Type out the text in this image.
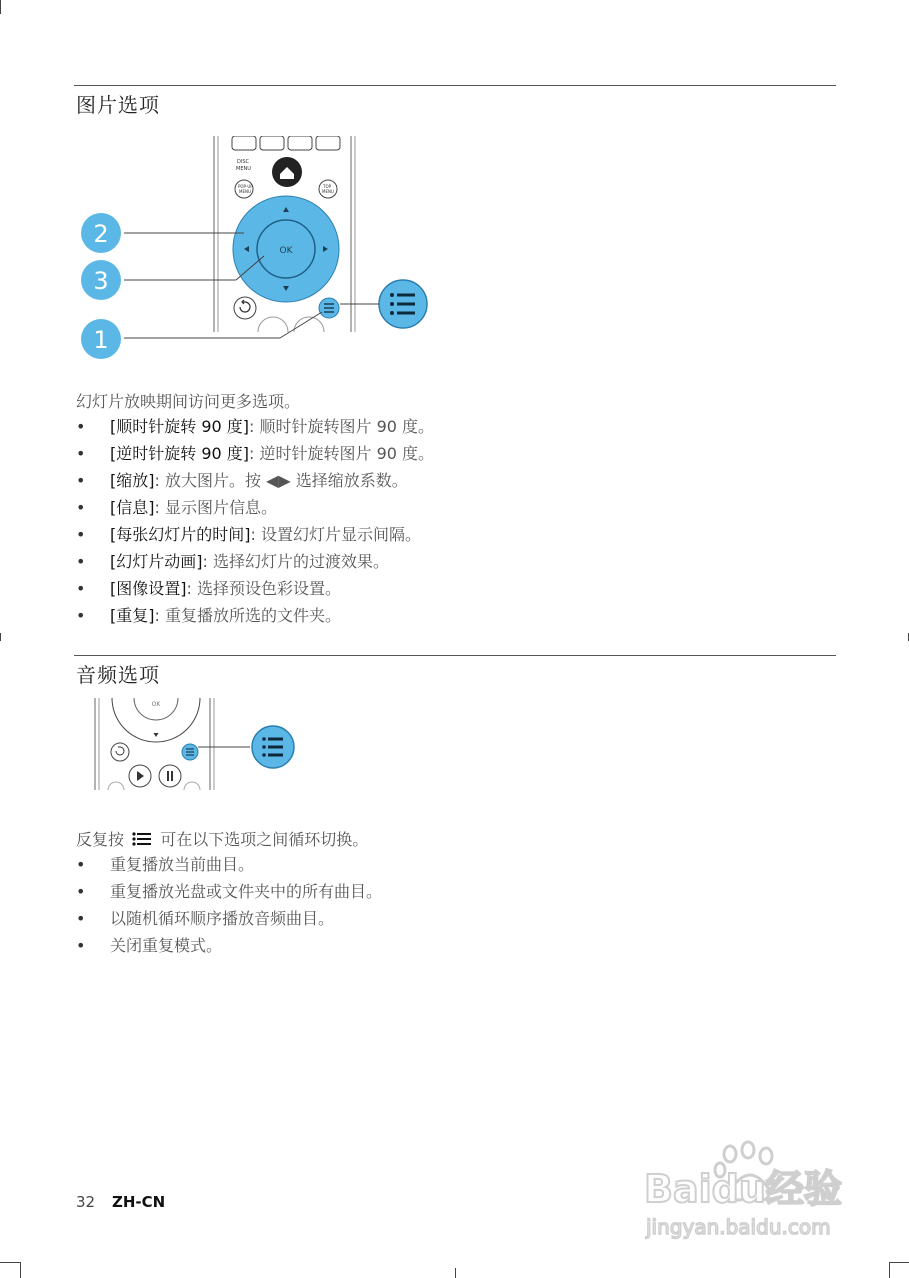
图片选项
DISC
MENU
POP-UP
MENU
TOP
MENU
OK
2
3
1
幻灯片放映期间访问更多选项。
• [顺时针旋转 90 度]: 顺时针旋转图片 90 度。
• [逆时针旋转 90 度]: 逆时针旋转图片 90 度。
• [缩放]: 放大图片。按 ◀▶ 选择缩放系数。
• [信息]: 显示图片信息。
• [每张幻灯片的时间]: 设置幻灯片显示间隔。
• [幻灯片动画]: 选择幻灯片的过渡效果。
• [图像设置]: 选择预设色彩设置。
• [重复]: 重复播放所选的文件夹。
音频选项
OK
反复按 可在以下选项之间循环切换。
• 重复播放当前曲目。
• 重复播放光盘或文件夹中的所有曲目。
• 以随机循环顺序播放音频曲目。
• 关闭重复模式。
32 ZH-CN	Baidu经验
jingyan.baidu.com
